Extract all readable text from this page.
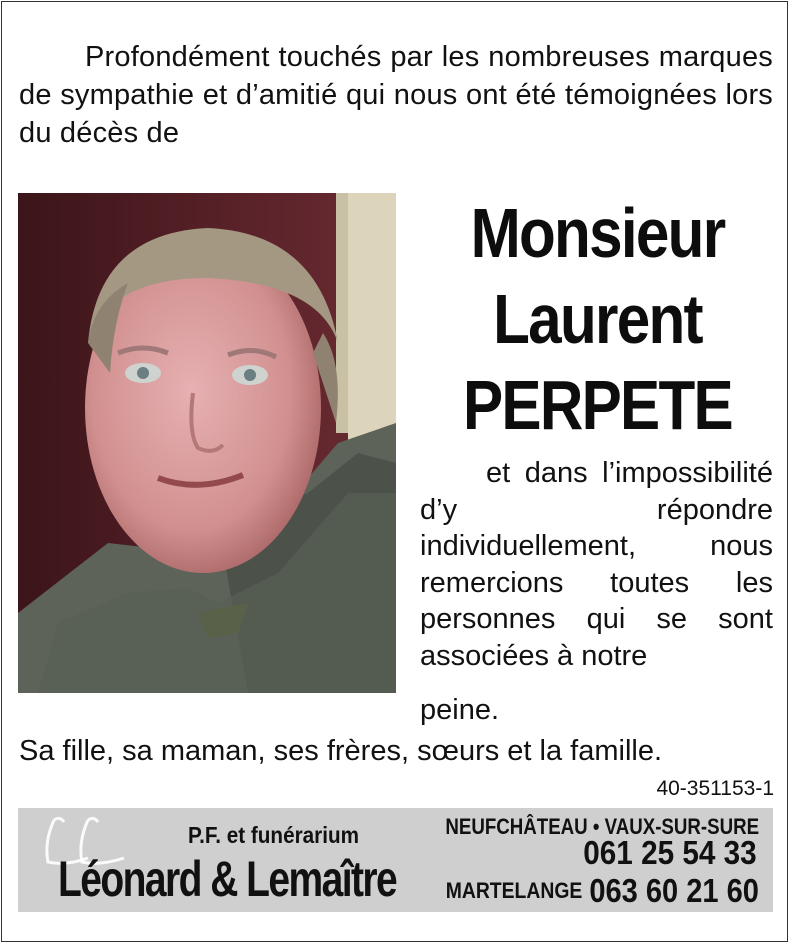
Profondément touchés par les nombreuses marques de sympathie et d’amitié qui nous ont été témoignées lors du décès de
Monsieur
Laurent
PERPETE
et dans l’impossibilité d’y répondre individuellement, nous remercions toutes les personnes qui se sont associées à notre
peine.
Sa fille, sa maman, ses frères, sœurs et la famille.
40-351153-1
P.F. et funérarium
Léonard & Lemaître
NEUFCHÂTEAU • VAUX-SUR-SURE
061 25 54 33
MARTELANGE 063 60 21 60
